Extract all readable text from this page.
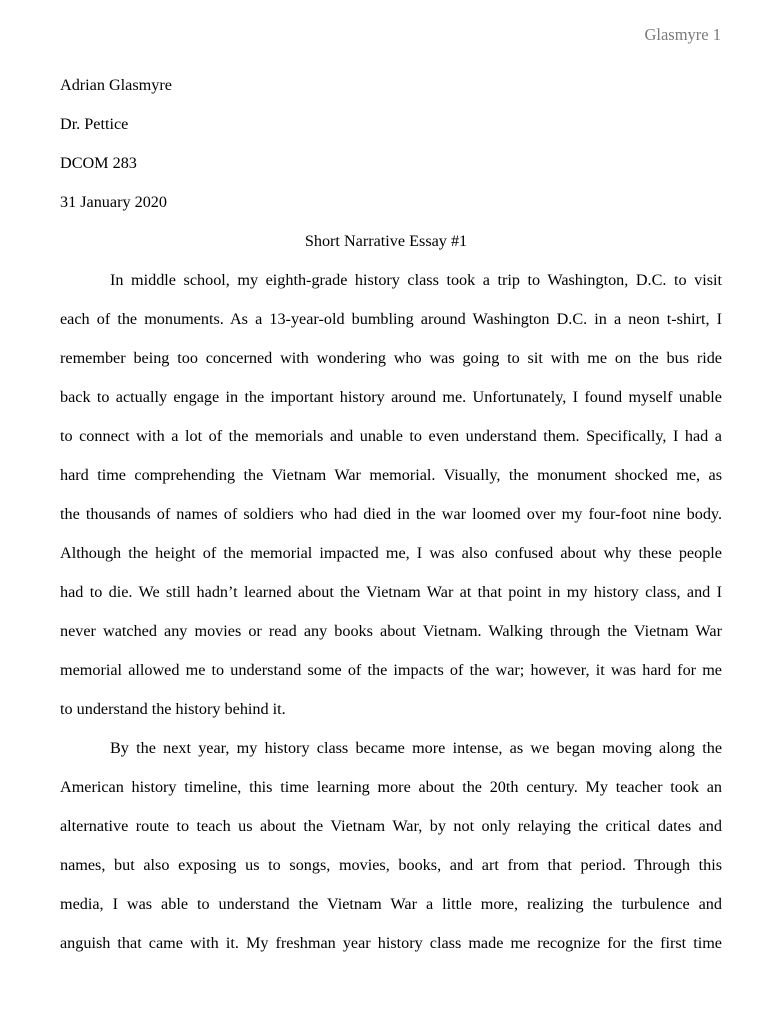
Glasmyre 1
Adrian Glasmyre
Dr. Pettice
DCOM 283
31 January 2020
Short Narrative Essay #1
In middle school, my eighth-grade history class took a trip to Washington, D.C. to visit
each of the monuments. As a 13-year-old bumbling around Washington D.C. in a neon t-shirt, I
remember being too concerned with wondering who was going to sit with me on the bus ride
back to actually engage in the important history around me. Unfortunately, I found myself unable
to connect with a lot of the memorials and unable to even understand them. Specifically, I had a
hard time comprehending the Vietnam War memorial. Visually, the monument shocked me, as
the thousands of names of soldiers who had died in the war loomed over my four-foot nine body.
Although the height of the memorial impacted me, I was also confused about why these people
had to die. We still hadn’t learned about the Vietnam War at that point in my history class, and I
never watched any movies or read any books about Vietnam. Walking through the Vietnam War
memorial allowed me to understand some of the impacts of the war; however, it was hard for me
to understand the history behind it.
By the next year, my history class became more intense, as we began moving along the
American history timeline, this time learning more about the 20th century. My teacher took an
alternative route to teach us about the Vietnam War, by not only relaying the critical dates and
names, but also exposing us to songs, movies, books, and art from that period. Through this
media, I was able to understand the Vietnam War a little more, realizing the turbulence and
anguish that came with it. My freshman year history class made me recognize for the first time
